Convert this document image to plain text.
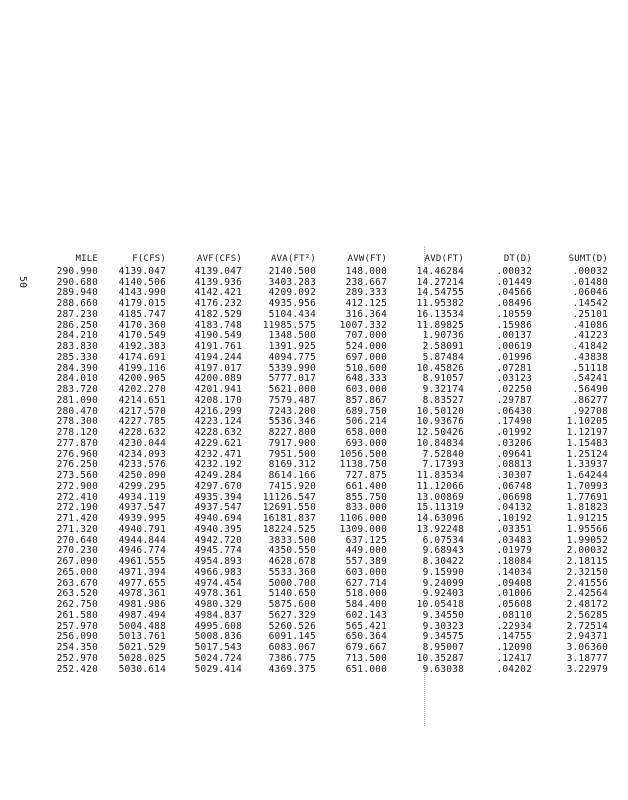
50
MILE	F(CFS)	AVF(CFS)	AVA(FT²)	AVW(FT)	AVD(FT)	DT(D)	SUMT(D)
290.990	4139.047	4139.047	2140.500	148.000	14.46284	.00032	.00032
290.680	4140.506	4139.936	3403.283	238.667	14.27214	.01449	.01480
289.940	4143.990	4142.421	4209.092	289.333	14.54755	.04566	.06046
288.660	4179.015	4176.232	4935.956	412.125	11.95382	.08496	.14542
287.230	4185.747	4182.529	5104.434	316.364	16.13534	.10559	.25101
286.250	4170.360	4183.748	11985.575	1007.332	11.89825	.15986	.41086
284.210	4170.549	4190.549	1348.500	707.000	1.90736	.00137	.41223
283.830	4192.383	4191.761	1391.925	524.000	2.58091	.00619	.41842
285.330	4174.691	4194.244	4094.775	697.000	5.87484	.01996	.43838
284.390	4199.116	4197.017	5339.990	510.600	10.45826	.07281	.51118
284.010	4200.905	4200.089	5777.017	648.333	8.91057	.03123	.54241
283.720	4202.270	4201.941	5621.000	603.000	9.32174	.02250	.56490
281.090	4214.651	4208.170	7579.487	857.867	8.83527	.29787	.86277
280.470	4217.570	4216.299	7243.200	689.750	10.50120	.06430	.92708
278.300	4227.785	4223.124	5536.346	506.214	10.93676	.17490	1.10205
278.120	4228.632	4228.632	8227.800	658.000	12.50426	.01992	1.12197
277.870	4230.044	4229.621	7917.900	693.000	10.84834	.03206	1.15483
276.960	4234.093	4232.471	7951.500	1056.500	7.52840	.09641	1.25124
276.250	4233.576	4232.192	8169.312	1138.750	7.17393	.08813	1.33937
273.560	4250.090	4249.284	8614.166	727.875	11.83534	.30307	1.64244
272.900	4299.295	4297.670	7415.920	661.400	11.12066	.06748	1.70993
272.410	4934.119	4935.394	11126.547	855.750	13.00869	.06698	1.77691
272.190	4937.547	4937.547	12691.550	833.000	15.11319	.04132	1.81823
271.420	4939.995	4940.694	16181.837	1106.000	14.63096	.10192	1.91215
271.320	4940.791	4940.395	18224.525	1309.000	13.92248	.03351	1.95566
270.640	4944.844	4942.720	3833.500	637.125	6.07534	.03483	1.99052
270.230	4946.774	4945.774	4350.550	449.000	9.68943	.01979	2.00032
267.090	4961.555	4954.893	4628.678	557.389	8.30422	.18084	2.18115
265.000	4971.394	4966.983	5533.360	603.000	9.15990	.14034	2.32150
263.670	4977.655	4974.454	5000.700	627.714	9.24099	.09408	2.41556
263.520	4978.361	4978.361	5140.650	518.000	9.92403	.01006	2.42564
262.750	4981.986	4980.329	5875.600	584.400	10.05418	.05608	2.48172
261.580	4987.494	4984.837	5627.329	602.143	9.34550	.08110	2.56285
257.970	5004.488	4995.608	5260.526	565.421	9.30323	.22934	2.72514
256.090	5013.761	5008.836	6091.145	650.364	9.34575	.14755	2.94371
254.350	5021.529	5017.543	6083.067	679.667	8.95007	.12090	3.06360
252.970	5028.025	5024.724	7386.775	713.500	10.35287	.12417	3.18777
252.420	5030.614	5029.414	4369.375	651.000	9.63038	.04202	3.22979
